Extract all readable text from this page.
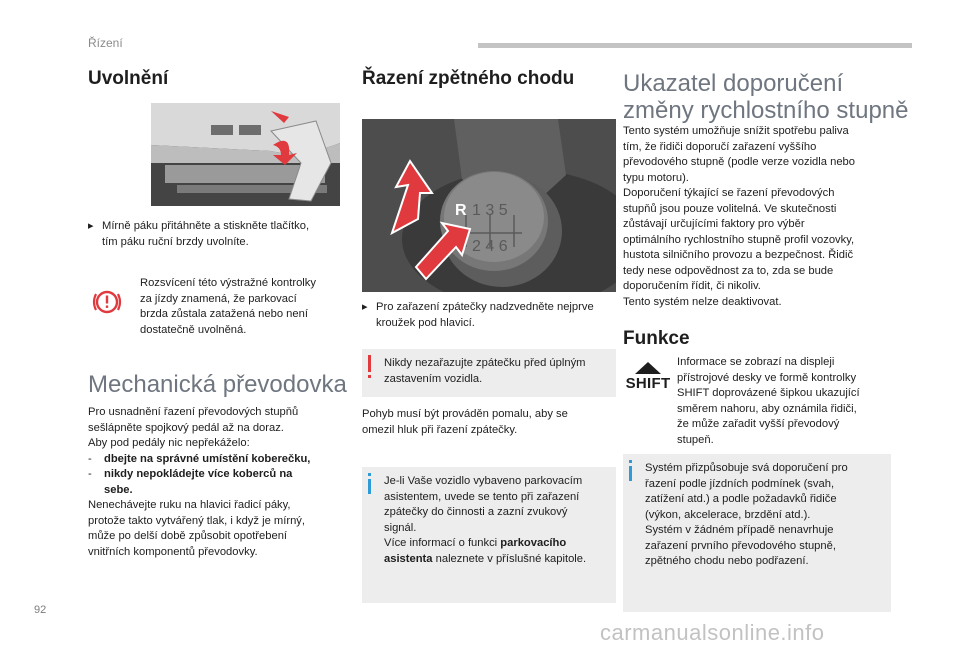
Řízení
Uvolnění
▸ Mírně páku přitáhněte a stiskněte tlačítko,
tím páku ruční brzdy uvolníte.
Rozsvícení této výstražné kontrolky
za jízdy znamená, že parkovací
brzda zůstala zatažená nebo není
dostatečně uvolněná.
Mechanická převodovka
Pro usnadnění řazení převodových stupňů
sešlápněte spojkový pedál až na doraz.
Aby pod pedály nic nepřekáželo:
- dbejte na správné umístění koberečku,
- nikdy nepokládejte více koberců na
sebe.
Nenechávejte ruku na hlavici řadicí páky,
protože takto vytvářený tlak, i když je mírný,
může po delší době způsobit opotřebení
vnitřních komponentů převodovky.
Řazení zpětného chodu
1 3 5
2 4 6
R
▸ Pro zařazení zpátečky nadzvedněte nejprve
kroužek pod hlavicí.
Nikdy nezařazujte zpátečku před úplným
zastavením vozidla.
Pohyb musí být prováděn pomalu, aby se
omezil hluk při řazení zpátečky.
Je-li Vaše vozidlo vybaveno parkovacím
asistentem, uvede se tento při zařazení
zpátečky do činnosti a zazní zvukový
signál.
Více informací o funkci parkovacího
asistenta naleznete v příslušné kapitole.
Ukazatel doporučení
změny rychlostního stupně
Tento systém umožňuje snížit spotřebu paliva
tím, že řidiči doporučí zařazení vyššího
převodového stupně (podle verze vozidla nebo
typu motoru).
Doporučení týkající se řazení převodových
stupňů jsou pouze volitelná. Ve skutečnosti
zůstávají určujícími faktory pro výběr
optimálního rychlostního stupně profil vozovky,
hustota silničního provozu a bezpečnost. Řidič
tedy nese odpovědnost za to, zda se bude
doporučením řídit, či nikoliv.
Tento systém nelze deaktivovat.
Funkce
SHIFT
Informace se zobrazí na displeji
přístrojové desky ve formě kontrolky
SHIFT doprovázené šipkou ukazující
směrem nahoru, aby oznámila řidiči,
že může zařadit vyšší převodový
stupeň.
Systém přizpůsobuje svá doporučení pro
řazení podle jízdních podmínek (svah,
zatížení atd.) a podle požadavků řidiče
(výkon, akcelerace, brzdění atd.).
Systém v žádném případě nenavrhuje
zařazení prvního převodového stupně,
zpětného chodu nebo podřazení.
92
carmanualsonline.info
